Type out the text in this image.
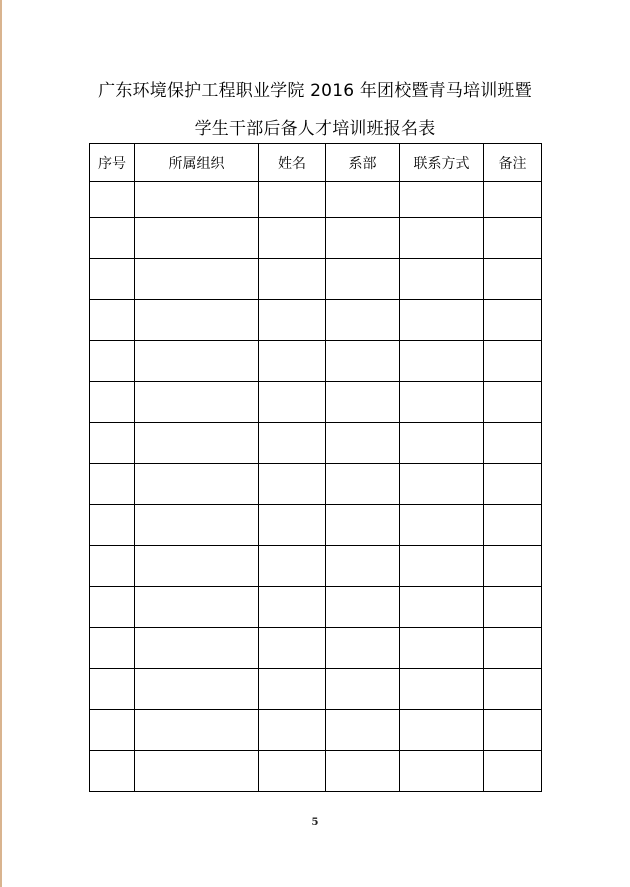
广东环境保护工程职业学院 2016 年团校暨青马培训班暨
学生干部后备人才培训班报名表
序号	所属组织	姓名	系部	联系方式	备注

5
